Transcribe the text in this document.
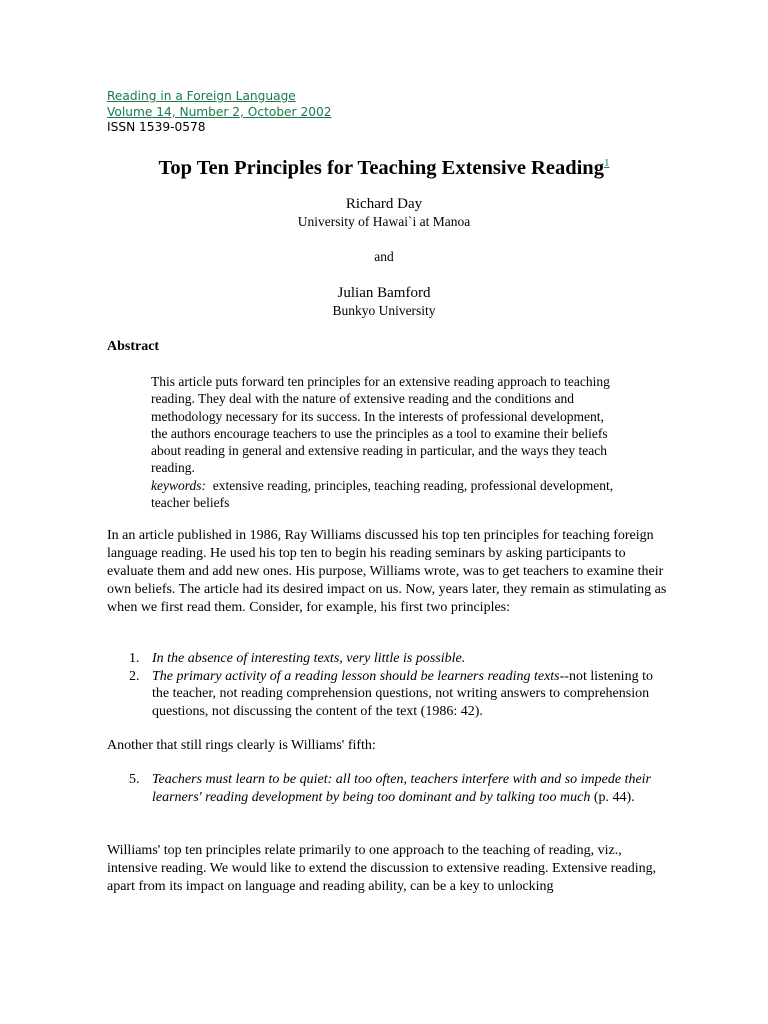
Reading in a Foreign Language
Volume 14, Number 2, October 2002
ISSN 1539-0578
Top Ten Principles for Teaching Extensive Reading$^1$
Richard Day
University of Hawai`i at Manoa
and
Julian Bamford
Bunkyo University
Abstract
This article puts forward ten principles for an extensive reading approach to teaching reading. They deal with the nature of extensive reading and the conditions and methodology necessary for its success. In the interests of professional development, the authors encourage teachers to use the principles as a tool to examine their beliefs about reading in general and extensive reading in particular, and the ways they teach reading.
keywords: extensive reading, principles, teaching reading, professional development, teacher beliefs
In an article published in 1986, Ray Williams discussed his top ten principles for teaching foreign language reading. He used his top ten to begin his reading seminars by asking participants to evaluate them and add new ones. His purpose, Williams wrote, was to get teachers to examine their own beliefs. The article had its desired impact on us. Now, years later, they remain as stimulating as when we first read them. Consider, for example, his first two principles:
1. In the absence of interesting texts, very little is possible.
2. The primary activity of a reading lesson should be learners reading texts--not listening to the teacher, not reading comprehension questions, not writing answers to comprehension questions, not discussing the content of the text (1986: 42).
Another that still rings clearly is Williams' fifth:
5. Teachers must learn to be quiet: all too often, teachers interfere with and so impede their learners' reading development by being too dominant and by talking too much (p. 44).
Williams' top ten principles relate primarily to one approach to the teaching of reading, viz., intensive reading. We would like to extend the discussion to extensive reading. Extensive reading, apart from its impact on language and reading ability, can be a key to unlocking
